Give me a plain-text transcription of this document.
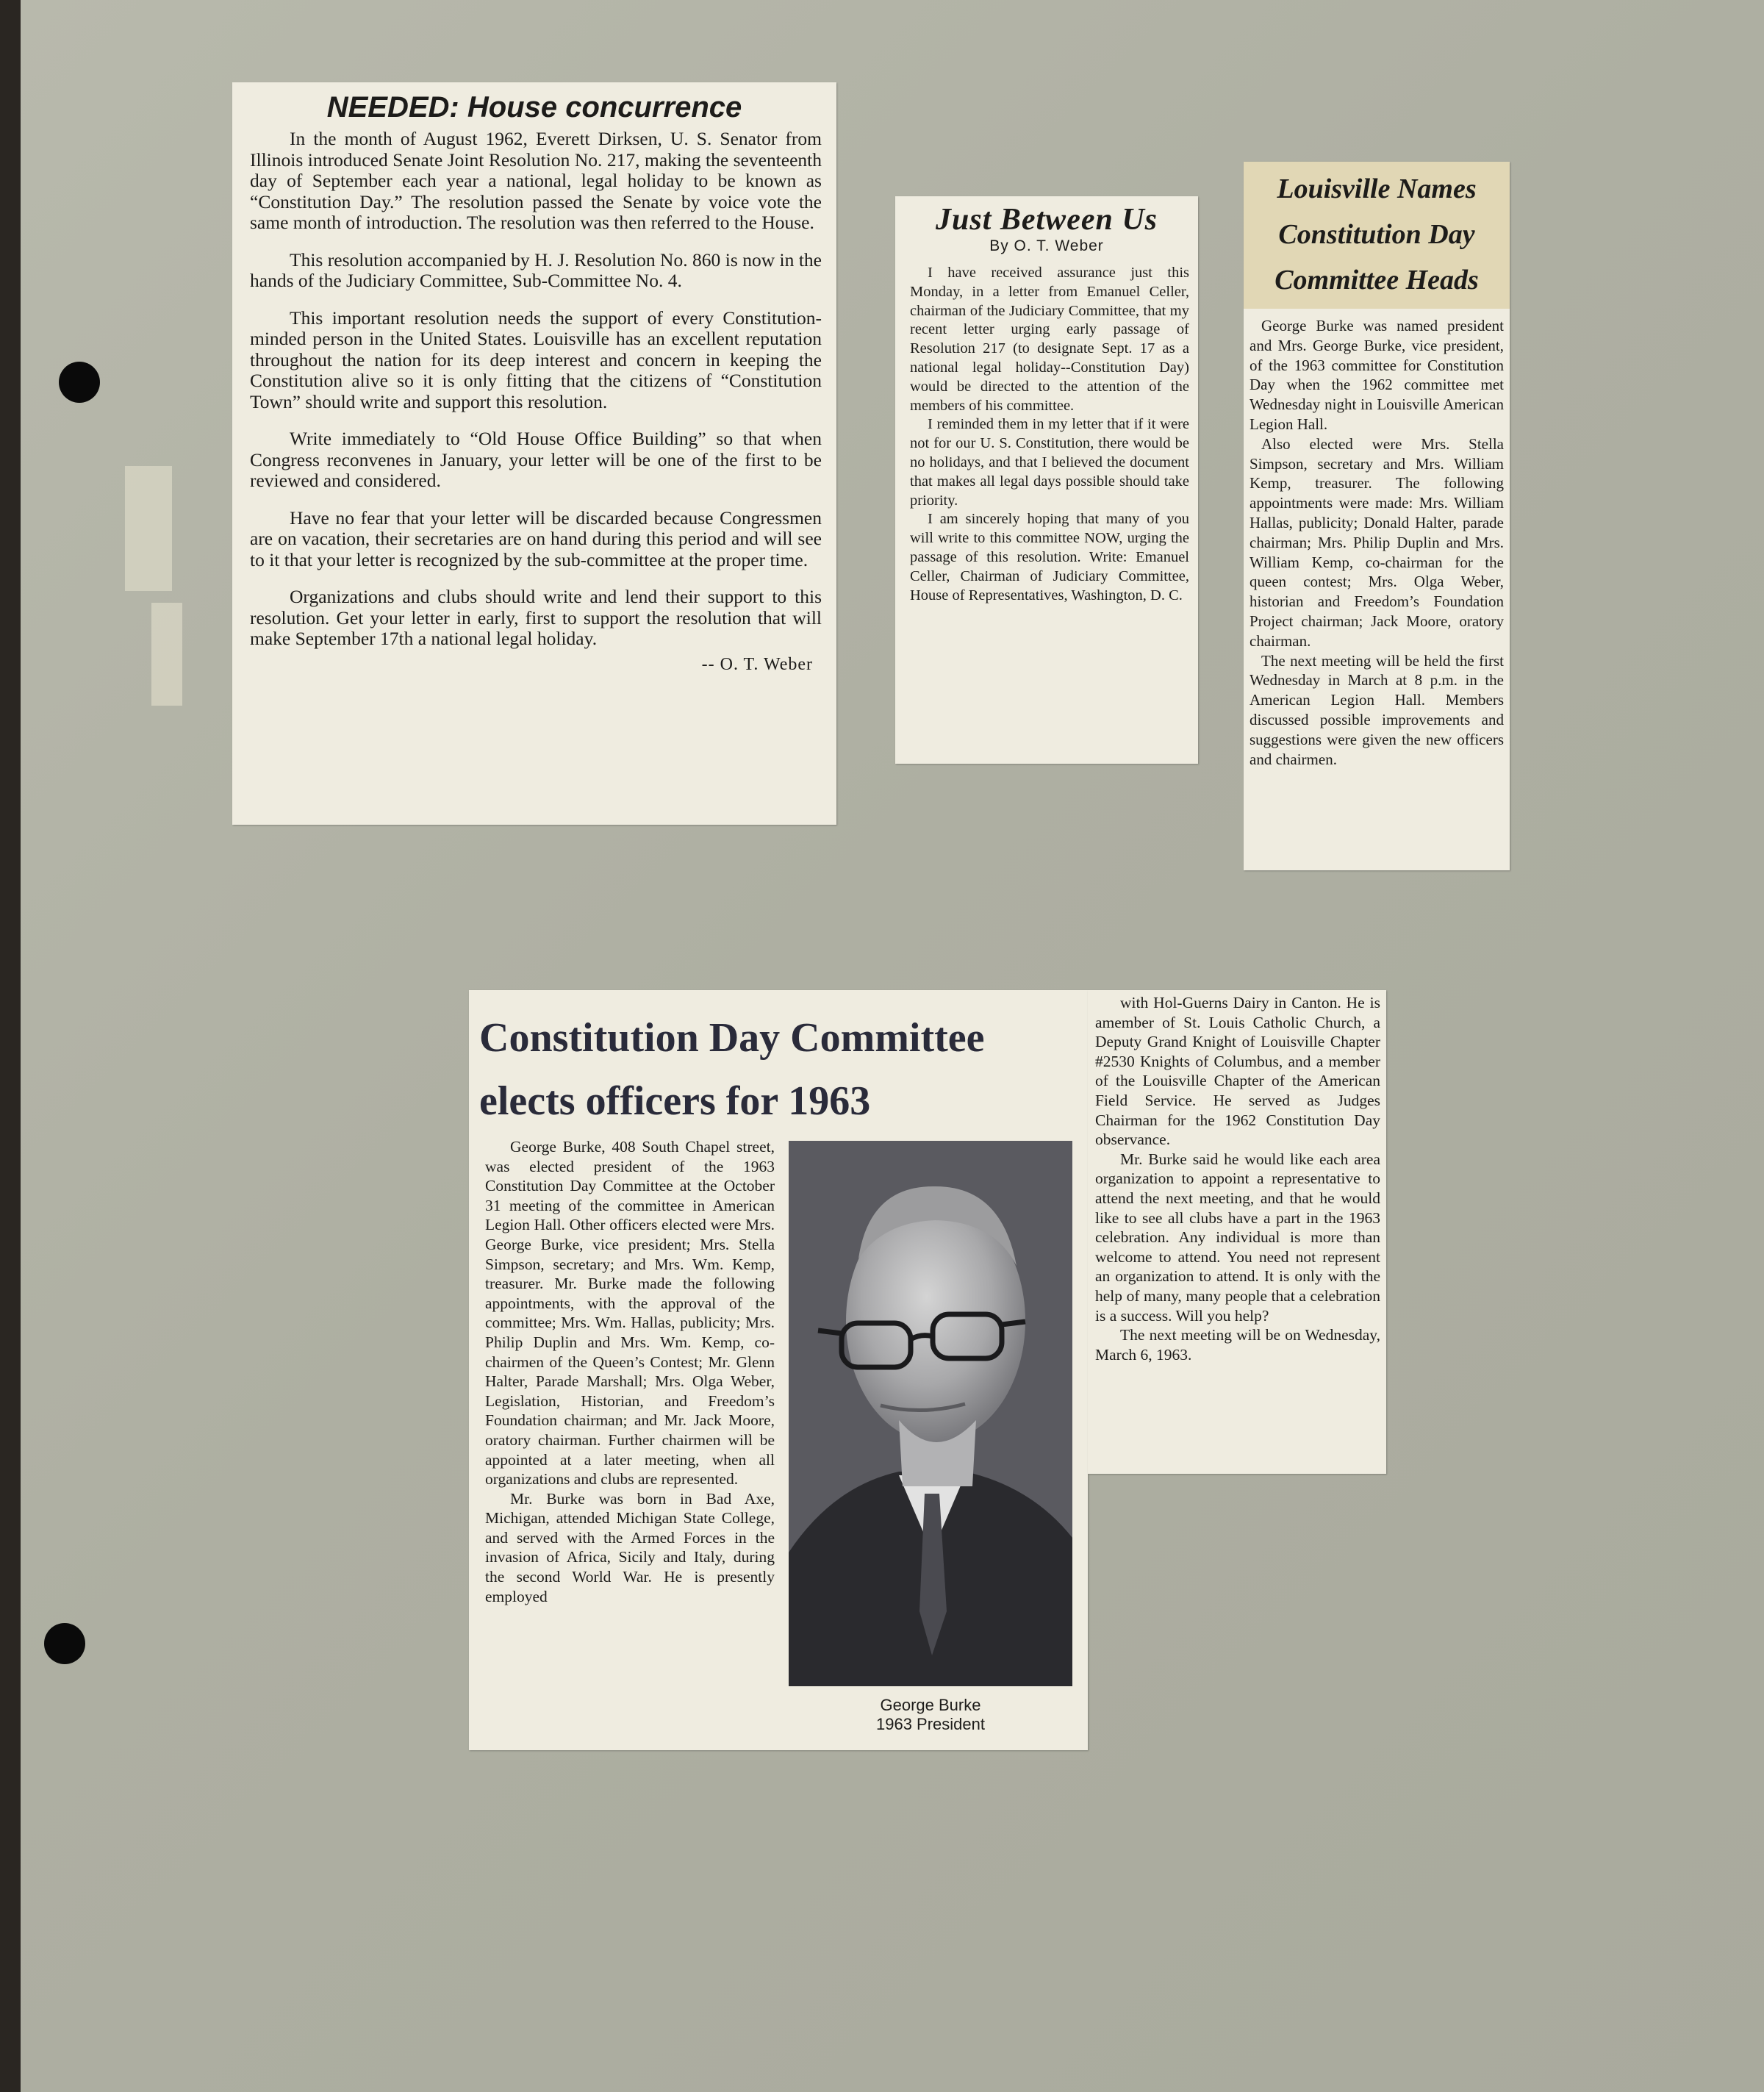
NEEDED: House concurrence

In the month of August 1962, Everett Dirksen, U. S. Senator from Illinois introduced Senate Joint Resolution No. 217, making the seventeenth day of September each year a national, legal holiday to be known as “Constitution Day.” The resolution passed the Senate by voice vote the same month of introduction. The resolution was then referred to the House.

This resolution accompanied by H. J. Resolution No. 860 is now in the hands of the Judiciary Committee, Sub-Committee No. 4.

This important resolution needs the support of every Constitution-minded person in the United States. Louisville has an excellent reputation throughout the nation for its deep interest and concern in keeping the Constitution alive so it is only fitting that the citizens of “Constitution Town” should write and support this resolution.

Write immediately to “Old House Office Building” so that when Congress reconvenes in January, your letter will be one of the first to be reviewed and considered.

Have no fear that your letter will be discarded because Congressmen are on vacation, their secretaries are on hand during this period and will see to it that your letter is recognized by the sub-committee at the proper time.

Organizations and clubs should write and lend their support to this resolution. Get your letter in early, first to support the resolution that will make September 17th a national legal holiday.

-- O. T. Weber
Just Between Us
By O. T. Weber

I have received assurance just this Monday, in a letter from Emanuel Celler, chairman of the Judiciary Committee, that my recent letter urging early passage of Resolution 217 (to designate Sept. 17 as a national legal holiday--Constitution Day) would be directed to the attention of the members of his committee.

I reminded them in my letter that if it were not for our U. S. Constitution, there would be no holidays, and that I believed the document that makes all legal days possible should take priority.

I am sincerely hoping that many of you will write to this committee NOW, urging the passage of this resolution. Write: Emanuel Celler, Chairman of Judiciary Committee, House of Representatives, Washington, D. C.

Louisville Names Constitution Day Committee Heads

George Burke was named president and Mrs. George Burke, vice president, of the 1963 committee for Constitution Day when the 1962 committee met Wednesday night in Louisville American Legion Hall.

Also elected were Mrs. Stella Simpson, secretary and Mrs. William Kemp, treasurer. The following appointments were made: Mrs. William Hallas, publicity; Donald Halter, parade chairman; Mrs. Philip Duplin and Mrs. William Kemp, co-chairman for the queen contest; Mrs. Olga Weber, historian and Freedom’s Foundation Project chairman; Jack Moore, oratory chairman.

The next meeting will be held the first Wednesday in March at 8 p.m. in the American Legion Hall. Members discussed possible improvements and suggestions were given the new officers and chairmen.

Constitution Day Committee elects officers for 1963

George Burke, 408 South Chapel street, was elected president of the 1963 Constitution Day Committee at the October 31 meeting of the committee in American Legion Hall. Other officers elected were Mrs. George Burke, vice president; Mrs. Stella Simpson, secretary; and Mrs. Wm. Kemp, treasurer. Mr. Burke made the following appointments, with the approval of the committee; Mrs. Wm. Hallas, publicity; Mrs. Philip Duplin and Mrs. Wm. Kemp, co-chairmen of the Queen’s Contest; Mr. Glenn Halter, Parade Marshall; Mrs. Olga Weber, Legislation, Historian, and Freedom’s Foundation chairman; and Mr. Jack Moore, oratory chairman. Further chairmen will be appointed at a later meeting, when all organizations and clubs are represented.

Mr. Burke was born in Bad Axe, Michigan, attended Michigan State College, and served with the Armed Forces in the invasion of Africa, Sicily and Italy, during the second World War. He is presently employed

George Burke
1963 President

with Hol-Guerns Dairy in Canton. He is amember of St. Louis Catholic Church, a Deputy Grand Knight of Louisville Chapter #2530 Knights of Columbus, and a member of the Louisville Chapter of the American Field Service. He served as Judges Chairman for the 1962 Constitution Day observance.

Mr. Burke said he would like each area organization to appoint a representative to attend the next meeting, and that he would like to see all clubs have a part in the 1963 celebration. Any individual is more than welcome to attend. You need not represent an organization to attend. It is only with the help of many, many people that a celebration is a success. Will you help?

The next meeting will be on Wednesday, March 6, 1963.
